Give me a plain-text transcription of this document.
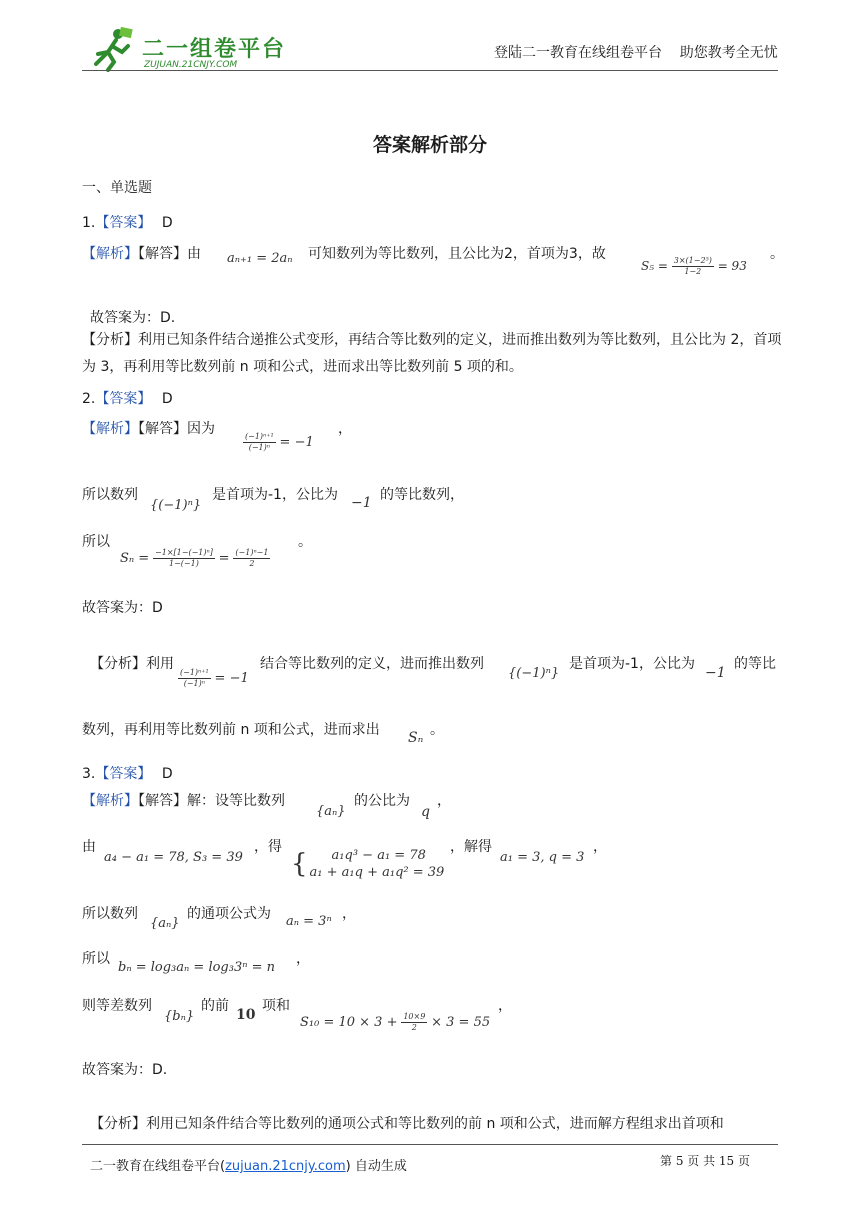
二一组卷平台
ZUJUAN.21CNJY.COM
登陆二一教育在线组卷平台    助您教考全无忧
答案解析部分
一、单选题
1.【答案】 D
【解析】【解答】由 aₙ₊₁ = 2aₙ 可知数列为等比数列，且公比为2，首项为3，故
$S_5 = \frac{\text{3×(1−2⁵)}}{1-2} = 93$
。
故答案为：D.
【分析】利用已知条件结合递推公式变形，再结合等比数列的定义，进而推出数列为等比数列，且公比为 2，首项为 3，再利用等比数列前 n 项和公式，进而求出等比数列前 5 项的和。
2.【答案】 D
【解析】【解答】因为
$\frac{\text{(−1)ⁿ⁺¹}}{\text{(−1)ⁿ}} = -1$
，
所以数列
{(−1)ⁿ}
是首项为-1，公比为 −1 的等比数列，
所以
$S_n = \frac{\text{−1×[1−(−1)ⁿ]}}{1-(-1)} = \frac{\text{(−1)ⁿ−1}}{2}$
。
故答案为：D
【分析】利用
$\frac{\text{(−1)ⁿ⁺¹}}{\text{(−1)ⁿ}} = -1$
结合等比数列的定义，进而推出数列
{(−1)ⁿ}
是首项为-1，公比为
−1
的等比
数列，再利用等比数列前 n 项和公式，进而求出 Sₙ 。
3.【答案】 D
【解析】【解答】解：设等比数列
{aₙ}
的公比为
q
，
由
a₄ − a₁ = 78, S₃ = 39
，得
{	a₁q³ − a₁ = 78
a₁ + a₁q + a₁q² = 39
，解得
a₁ = 3, q = 3
，
所以数列
{aₙ}
的通项公式为 aₙ = 3ⁿ ，
所以
bₙ = log₃aₙ = log₃3ⁿ = n
，
则等差数列
{bₙ}
的前
10
项和
$S_{10} = 10 \times 3 + \frac{10\times 9}{2} \times 3 = 55$
，
故答案为：D.
【分析】利用已知条件结合等比数列的通项公式和等比数列的前 n 项和公式，进而解方程组求出首项和
二一教育在线组卷平台(zujuan.21cnjy.com) 自动生成	第 5 页 共 15 页
